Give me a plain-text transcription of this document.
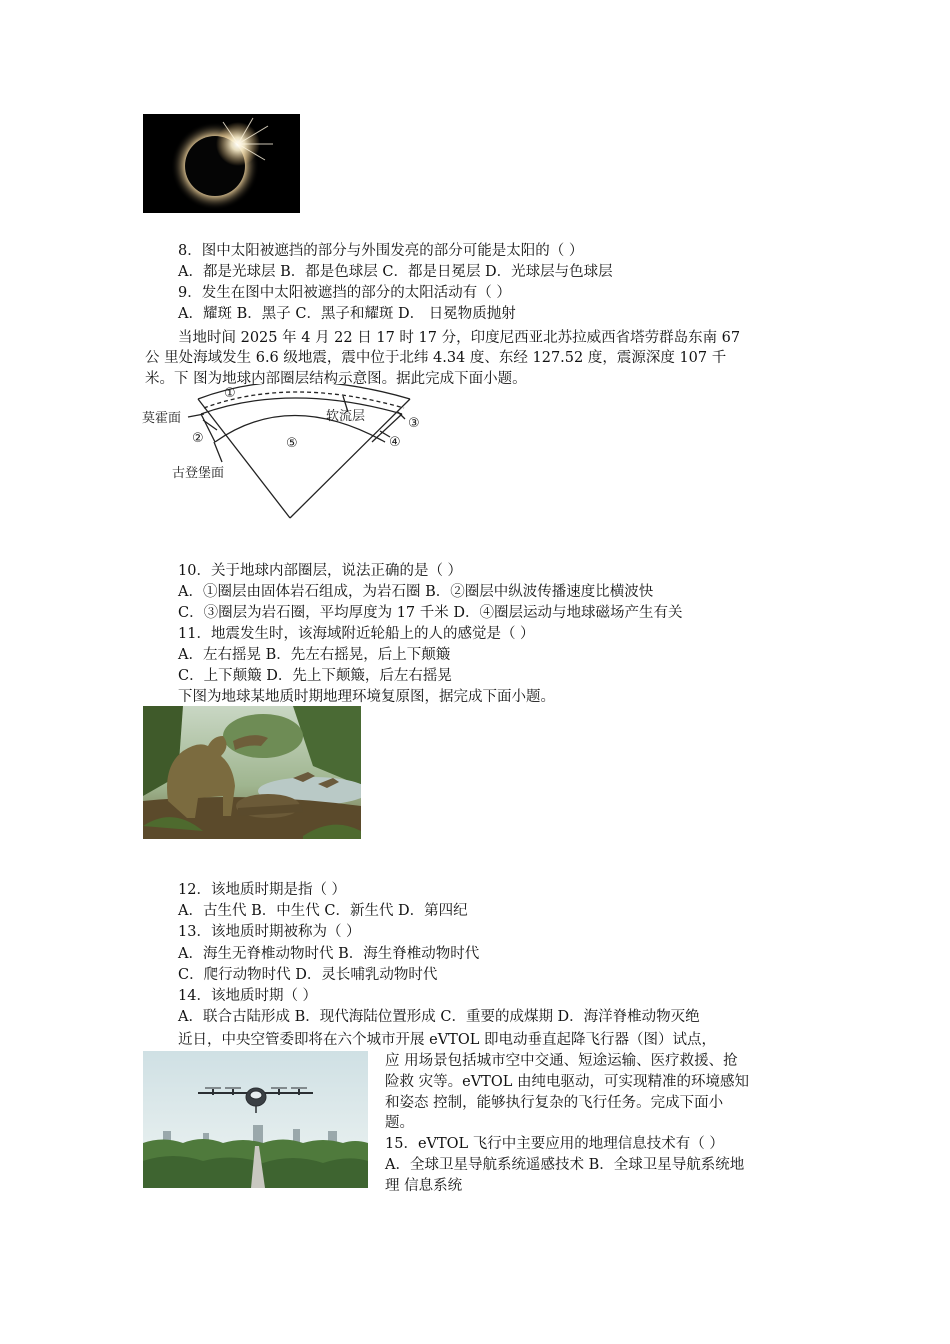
8．图中太阳被遮挡的部分与外围发亮的部分可能是太阳的（ ）
A．都是光球层 B．都是色球层 C．都是日冕层 D．光球层与色球层
9．发生在图中太阳被遮挡的部分的太阳活动有（ ）
A．耀斑 B．黑子 C．黑子和耀斑 D． 日冕物质抛射
当地时间 2025 年 4 月 22 日 17 时 17 分，印度尼西亚北苏拉威西省塔劳群岛东南 67
公 里处海域发生 6.6 级地震，震中位于北纬 4.34 度、东经 127.52 度，震源深度 107 千
米。下 图为地球内部圈层结构示意图。据此完成下面小题。
莫霍面
古登堡面
软流层
①
②
③
④
⑤
10．关于地球内部圈层，说法正确的是（ ）
A．①圈层由固体岩石组成，为岩石圈 B．②圈层中纵波传播速度比横波快
C．③圈层为岩石圈，平均厚度为 17 千米 D．④圈层运动与地球磁场产生有关
11．地震发生时，该海域附近轮船上的人的感觉是（ ）
A．左右摇晃 B．先左右摇晃，后上下颠簸
C．上下颠簸 D．先上下颠簸，后左右摇晃
下图为地球某地质时期地理环境复原图，据完成下面小题。
12．该地质时期是指（ ）
A．古生代 B．中生代 C．新生代 D．第四纪
13．该地质时期被称为（ ）
A．海生无脊椎动物时代 B．海生脊椎动物时代
C．爬行动物时代 D．灵长哺乳动物时代
14．该地质时期（ ）
A．联合古陆形成 B．现代海陆位置形成 C．重要的成煤期 D．海洋脊椎动物灭绝
近日，中央空管委即将在六个城市开展 eVTOL 即电动垂直起降飞行器（图）试点，
应 用场景包括城市空中交通、短途运输、医疗救援、抢
险救 灾等。eVTOL 由纯电驱动，可实现精准的环境感知
和姿态 控制，能够执行复杂的飞行任务。完成下面小
题。
15．eVTOL 飞行中主要应用的地理信息技术有（ ）
A．全球卫星导航系统遥感技术 B．全球卫星导航系统地
理 信息系统
